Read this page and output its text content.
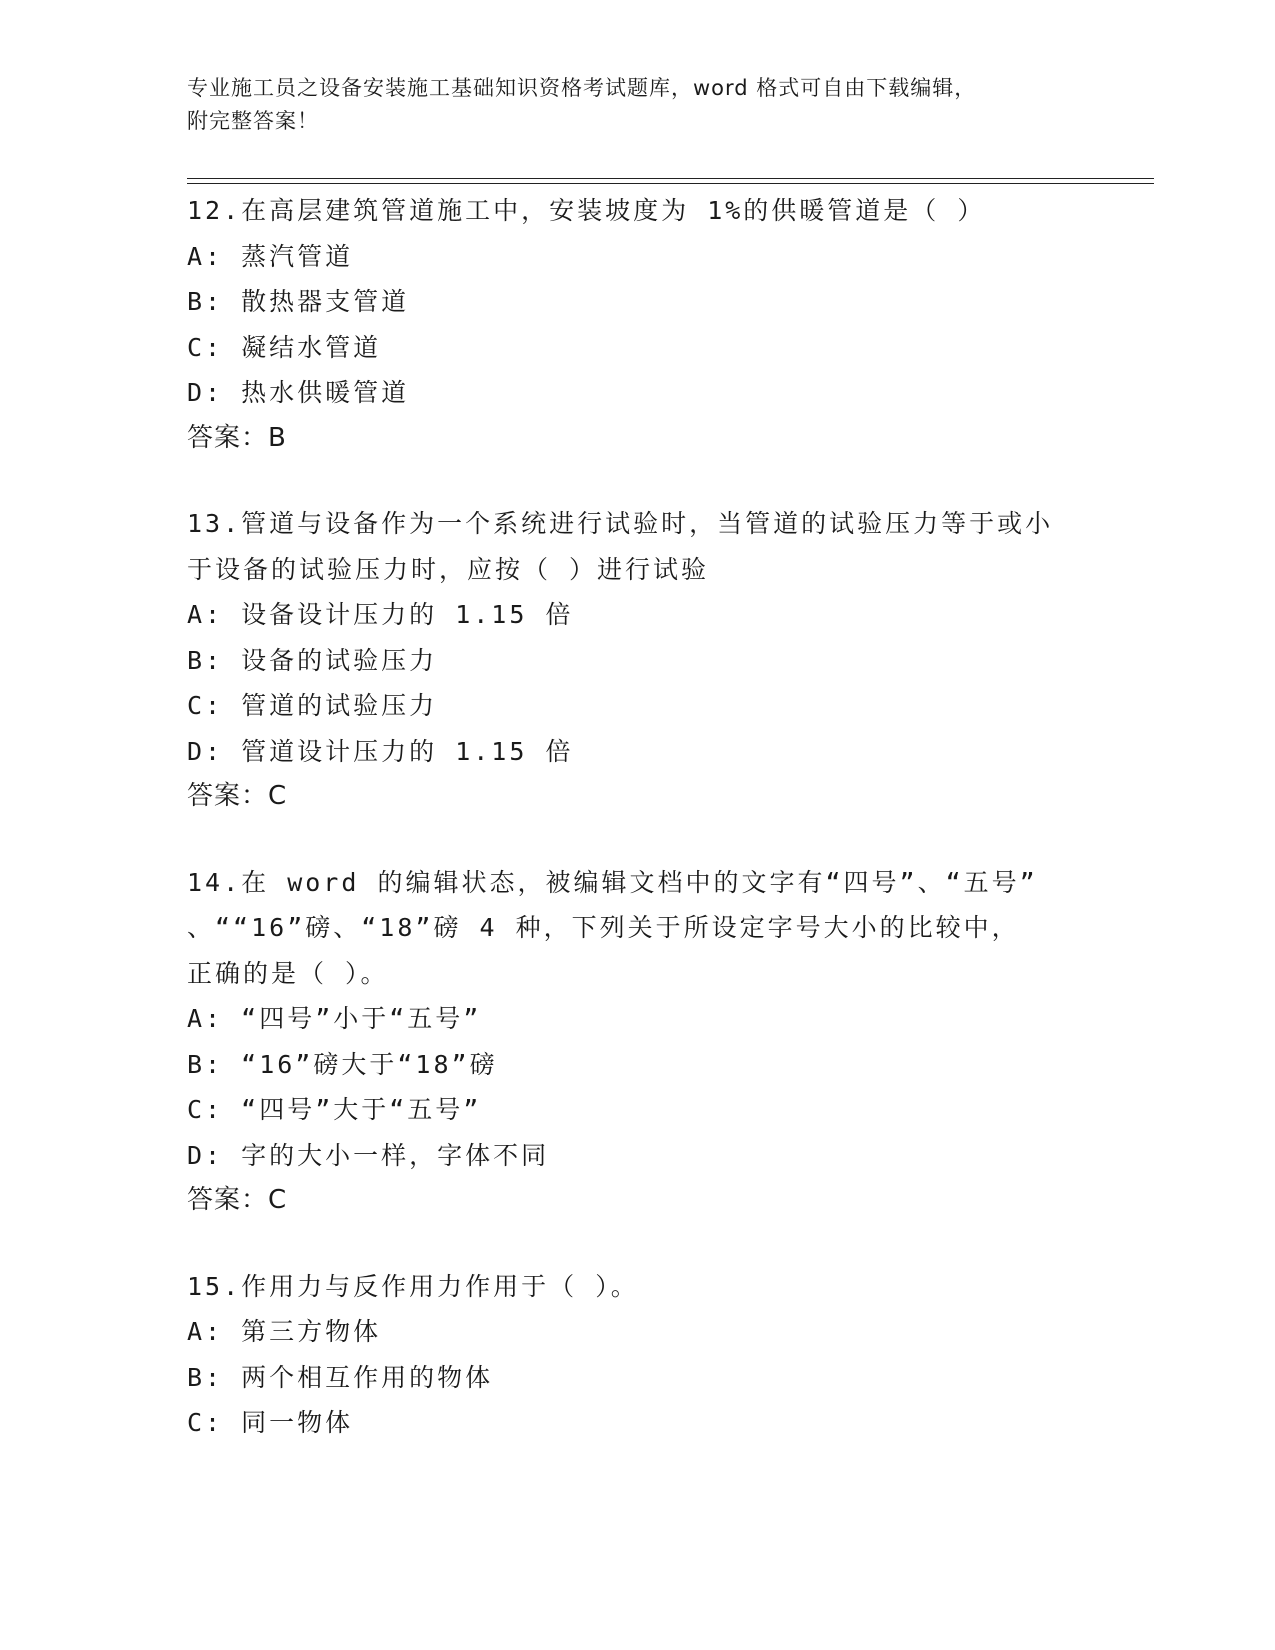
专业施工员之设备安装施工基础知识资格考试题库，word 格式可自由下载编辑，
附完整答案！
12.在高层建筑管道施工中，安装坡度为 1%的供暖管道是（ ）
A: 蒸汽管道
B: 散热器支管道
C: 凝结水管道
D: 热水供暖管道
答案：B
13.管道与设备作为一个系统进行试验时，当管道的试验压力等于或小
于设备的试验压力时，应按（ ）进行试验
A: 设备设计压力的 1.15 倍
B: 设备的试验压力
C: 管道的试验压力
D: 管道设计压力的 1.15 倍
答案：C
14.在 word 的编辑状态，被编辑文档中的文字有“四号”、“五号”
、““16”磅、“18”磅 4 种，下列关于所设定字号大小的比较中，
正确的是（ ）。
A: “四号”小于“五号”
B: “16”磅大于“18”磅
C: “四号”大于“五号”
D: 字的大小一样，字体不同
答案：C
15.作用力与反作用力作用于（ ）。
A: 第三方物体
B: 两个相互作用的物体
C: 同一物体
